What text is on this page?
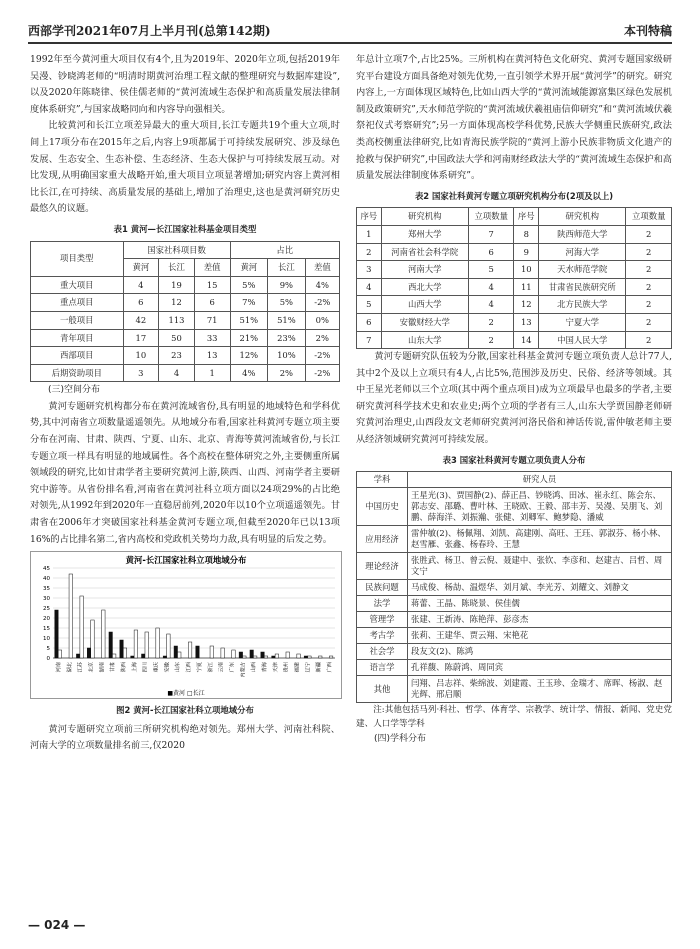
西部学刊2021年07月上半月刊(总第142期)	本刊特稿

1992年至今黄河重大项目仅有4个,且为2019年、2020年立项,包括2019年吴漫、钞晓鸿老师的“明清时期黄河治理工程文献的整理研究与数据库建设”,以及2020年陈晓律、侯佳儒老师的“黄河流域生态保护和高质量发展法律制度体系研究”,与国家战略同向和内容导向强相关。

比较黄河和长江立项差异最大的重大项目,长江专题共19个重大立项,时间上17项分布在2015年之后,内容上9项都属于可持续发展研究、涉及绿色发展、生态安全、生态补偿、生态经济、生态大保护与可持续发展互动。对比发现,从明确国家重大战略开始,重大项目立项显著增加;研究内容上黄河相比长江,在可持续、高质量发展的基础上,增加了治理史,这也是黄河研究历史最悠久的议题。

表1 黄河—长江国家社科基金项目类型
项目类型	国家社科项目数			占比		
	黄河	长江	差值	黄河	长江	差值
重大项目	4	19	15	5%	9%	4%
重点项目	6	12	6	7%	5%	-2%
一般项目	42	113	71	51%	51%	0%
青年项目	17	50	33	21%	23%	2%
西部项目	10	23	13	12%	10%	-2%
后期资助项目	3	4	1	4%	2%	-2%

(三)空间分布

黄河专题研究机构都分布在黄河流域省份,具有明显的地域特色和学科优势,其中河南省立项数量遥遥领先。从地域分布看,国家社科黄河专题立项主要分布在河南、甘肃、陕西、宁夏、山东、北京、青海等黄河流域省份,与长江专题立项一样具有明显的地域属性。各个高校在整体研究之外,主要侧重所属领域段的研究,比如甘肃学者主要研究黄河上游,陕西、山西、河南学者主要研究中游等。从省份排名看,河南省在黄河社科立项方面以24项29%的占比绝对领先,从1992年到2020年一直稳居前列,2020年以10个立项遥遥领先。甘肃省在2006年才突破国家社科基金黄河专题立项,但截至2020年已以13项16%的占比排名第二,省内高校和党政机关势均力敌,具有明显的后发之势。

黄河-长江国家社科立项地域分布
0
5
10
15
20
25
30
35
40
45
河南 湖北 江苏 北京 湖南 甘肃 陕西 上海 四川 重庆 安徽 山东 江西 宁夏 浙江 云南 广东 内蒙古 山西 青海 天津 贵州 福建 辽宁 新疆 广西
■黄河 □长江
图2 黄河-长江国家社科立项地域分布

黄河专题研究立项前三所研究机构绝对领先。郑州大学、河南社科院、河南大学的立项数量排名前三,仅2020

年总计立项7个,占比25%。三所机构在黄河特色文化研究、黄河专题国家级研究平台建设方面具备绝对领先优势,一直引领学术界开展“黄河学”的研究。研究内容上,一方面体现区域特色,比如山西大学的“黄河流域能源富集区绿色发展机制及政策研究”,天水师范学院的“黄河流域伏羲祖庙信仰研究”和“黄河流域伏羲祭祀仪式考察研究”;另一方面体现高校学科优势,民族大学侧重民族研究,政法类高校侧重法律研究,比如青海民族学院的“黄河上游小民族非物质文化遗产的抢救与保护研究”,中国政法大学和河南财经政法大学的“黄河流域生态保护和高质量发展法律制度体系研究”。

表2 国家社科黄河专题立项研究机构分布(2项及以上)
序号	研究机构	立项数量	序号	研究机构	立项数量
1	郑州大学	7	8	陕西师范大学	2
2	河南省社会科学院	6	9	河海大学	2
3	河南大学	5	10	天水师范学院	2
4	西北大学	4	11	甘肃省民族研究所	2
5	山西大学	4	12	北方民族大学	2
6	安徽财经大学	2	13	宁夏大学	2
7	山东大学	2	14	中国人民大学	2

黄河专题研究队伍较为分散,国家社科基金黄河专题立项负责人总计77人,其中2个及以上立项只有4人,占比5%,范围涉及历史、民俗、经济等领域。其中王星光老师以三个立项(其中两个重点项目)成为立项最早也最多的学者,主要研究黄河科学技术史和农业史;两个立项的学者有三人,山东大学贾国静老师研究黄河治理史,山西段友文老师研究黄河河洛民俗和神话传说,雷仲敏老师主要从经济领域研究黄河可持续发展。

表3 国家社科黄河专题立项负责人分布
学科	研究人员
中国历史	王星光(3)、贾国静(2)、薛正昌、钞晓鸿、田冰、崔永红、陈会东、郭志安、邵璐、曹叶林、王晓欧、王毅、邵丰芳、吴漫、吴朋飞、刘鹏、薛海洋、刘振瀚、张健、刘卿军、鲍梦隐、潘威
应用经济	雷仲敏(2)、杨佩翔、刘凯、高建刚、高旺、王珏、郭淑芬、杨小林、赵雪雁、张鑫、杨春玲、王慧
理论经济	张胜武、杨卫、曾云倪、聂建中、张钦、李彦和、赵建吉、吕哲、周文宁
民族问题	马成俊、杨劼、温煜华、刘月斌、李光芳、刘耀文、刘静文
法学	蒋蕾、王晶、陈晓景、侯佳儒
管理学	张建、王新涛、陈艳萍、彭彦杰
考古学	张莉、王建华、贾云翔、宋艳花
社会学	段友文(2)、陈鸿
语言学	孔祥馥、陈蔚鸿、周同宾
其他	闫翔、吕志祥、柴绵波、刘建霞、王玉珍、金瑞才、席晖、杨淑、赵光辉、邢启顺

注:其他包括马列·科社、哲学、体育学、宗教学、统计学、情报、新闻、党史党建、人口学等学科

(四)学科分布

— 024 —
